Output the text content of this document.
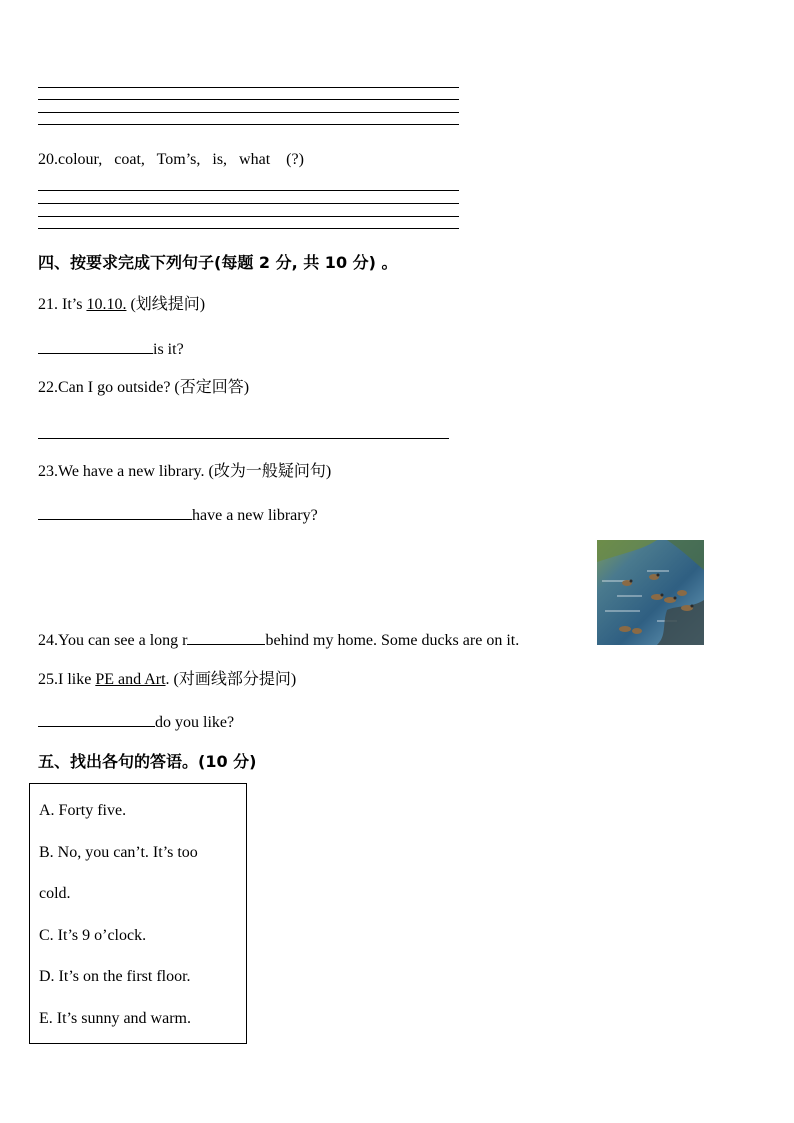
20.colour,   coat,   Tom’s,   is,   what    (?)
四、按要求完成下列句子(每题 2 分, 共 10 分) 。
21. It’s 10.10. (划线提问)
is it?
22.Can I go outside? (否定回答)
23.We have a new library. (改为一般疑问句)
have a new library?
24.You can see a long r	behind my home. Some ducks are on it.
25.I like PE and Art. (对画线部分提问)
do you like?
五、找出各句的答语。(10 分)
A. Forty five.
B. No, you can’t. It’s too
cold.
C. It’s 9 o’clock.
D. It’s on the first floor.
E. It’s sunny and warm.
